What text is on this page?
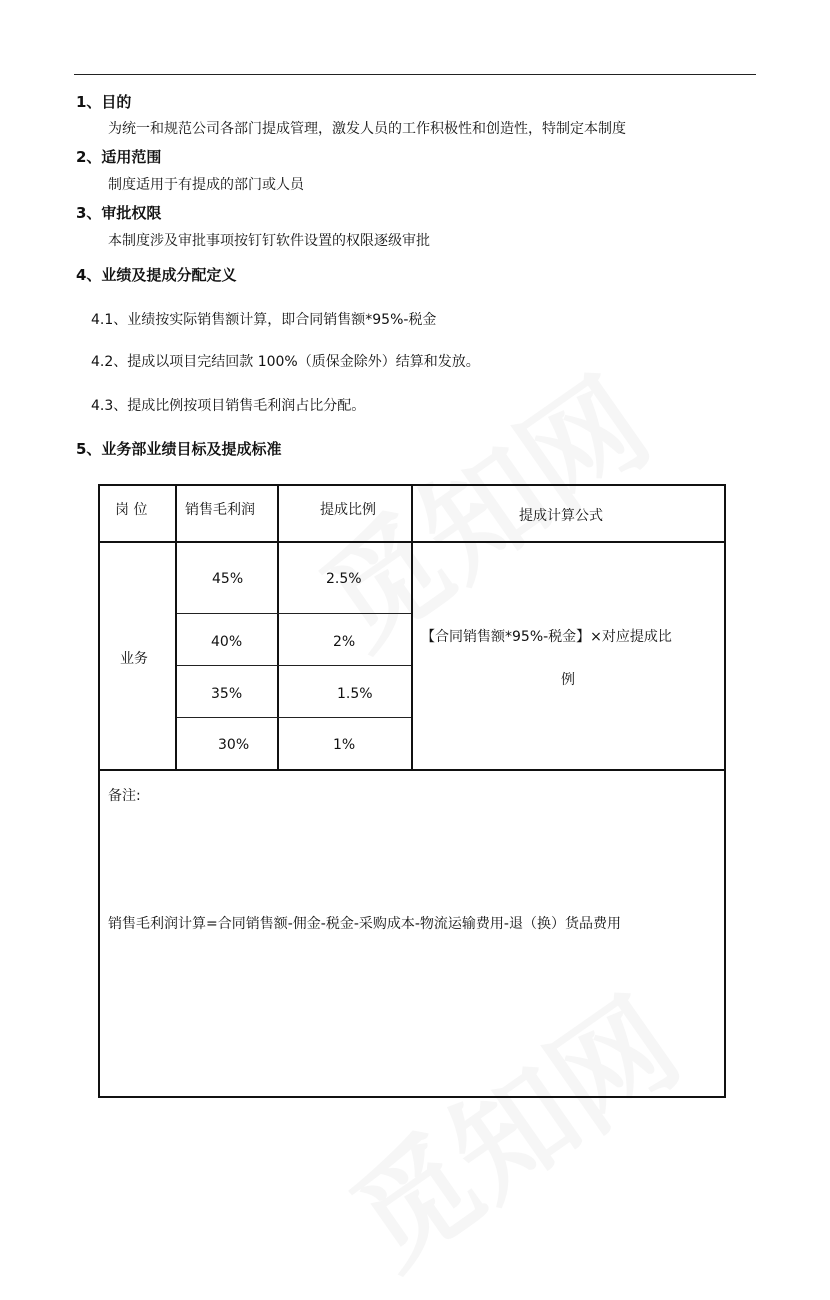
1、目的
为统一和规范公司各部门提成管理，激发人员的工作积极性和创造性，特制定本制度
2、适用范围
制度适用于有提成的部门或人员
3、审批权限
本制度涉及审批事项按钉钉软件设置的权限逐级审批
4、业绩及提成分配定义
4.1、业绩按实际销售额计算，即合同销售额*95%-税金
4.2、提成以项目完结回款 100%（质保金除外）结算和发放。
4.3、提成比例按项目销售毛利润占比分配。
5、业务部业绩目标及提成标准
岗 位	销售毛利润	提成比例	提成计算公式
业务
45%	2.5%
40%	2%
35%	1.5%
30%	1%
【合同销售额*95%-税金】×对应提成比
例
备注:
销售毛利润计算=合同销售额-佣金-税金-采购成本-物流运输费用-退（换）货品费用
